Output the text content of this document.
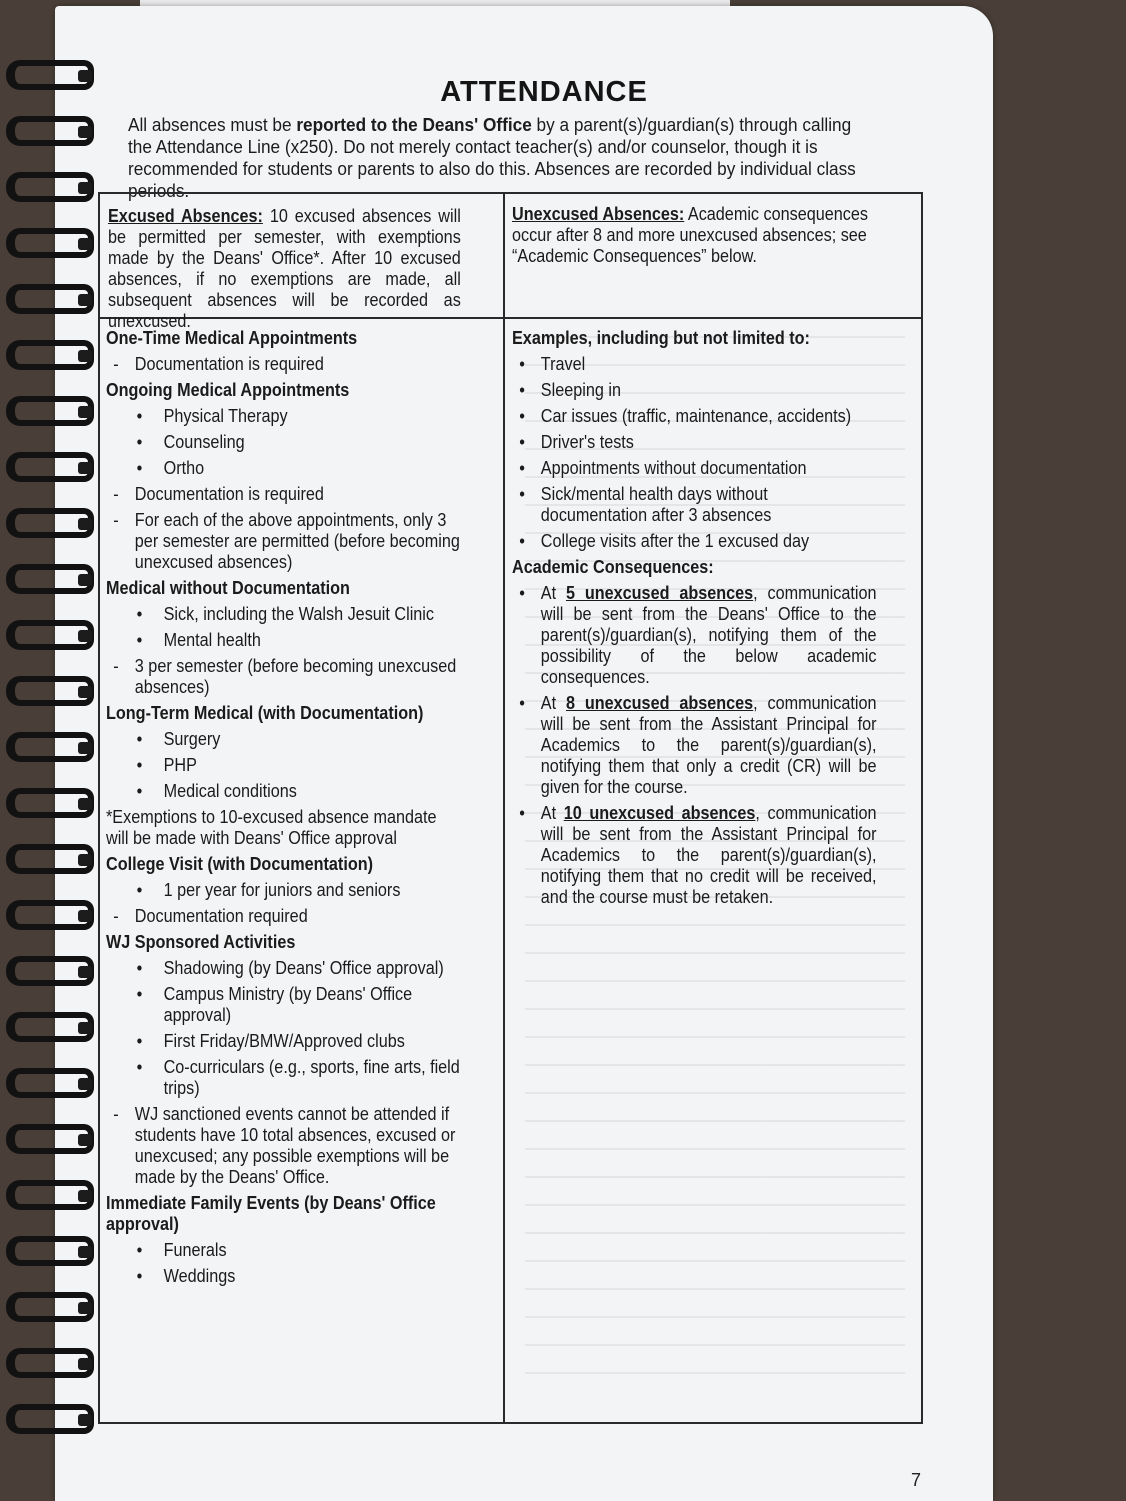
ATTENDANCE
All absences must be reported to the Deans' Office by a parent(s)/guardian(s) through calling the Attendance Line (x250). Do not merely contact teacher(s) and/or counselor, though it is recommended for students or parents to also do this. Absences are recorded by individual class periods.
Excused Absences: 10 excused absences will be permitted per semester, with exemptions made by the Deans' Office*. After 10 excused absences, if no exemptions are made, all subsequent absences will be recorded as unexcused.
Unexcused Absences: Academic consequences occur after 8 and more unexcused absences; see “Academic Consequences” below.
One-Time Medical Appointments
- Documentation is required
Ongoing Medical Appointments
•	Physical Therapy
•	Counseling
•	Ortho
- Documentation is required
- For each of the above appointments, only 3 per semester are permitted (before becoming unexcused absences)
Medical without Documentation
•	Sick, including the Walsh Jesuit Clinic
•	Mental health
- 3 per semester (before becoming unexcused absences)
Long-Term Medical (with Documentation)
•	Surgery
•	PHP
•	Medical conditions
*Exemptions to 10-excused absence mandate will be made with Deans' Office approval
College Visit (with Documentation)
•	1 per year for juniors and seniors
- Documentation required
WJ Sponsored Activities
•	Shadowing (by Deans' Office approval)
•	Campus Ministry (by Deans' Office approval)
•	First Friday/BMW/Approved clubs
•	Co-curriculars (e.g., sports, fine arts, field trips)
- WJ sanctioned events cannot be attended if students have 10 total absences, excused or unexcused; any possible exemptions will be made by the Deans' Office.
Immediate Family Events (by Deans' Office approval)
•	Funerals
•	Weddings
Examples, including but not limited to:
• Travel
• Sleeping in
• Car issues (traffic, maintenance, accidents)
• Driver's tests
• Appointments without documentation
• Sick/mental health days without documentation after 3 absences
• College visits after the 1 excused day
Academic Consequences:
• At 5 unexcused absences, communication will be sent from the Deans' Office to the parent(s)/guardian(s), notifying them of the possibility of the below academic consequences.
• At 8 unexcused absences, communication will be sent from the Assistant Principal for Academics to the parent(s)/guardian(s), notifying them that only a credit (CR) will be given for the course.
• At 10 unexcused absences, communication will be sent from the Assistant Principal for Academics to the parent(s)/guardian(s), notifying them that no credit will be received, and the course must be retaken.
7
